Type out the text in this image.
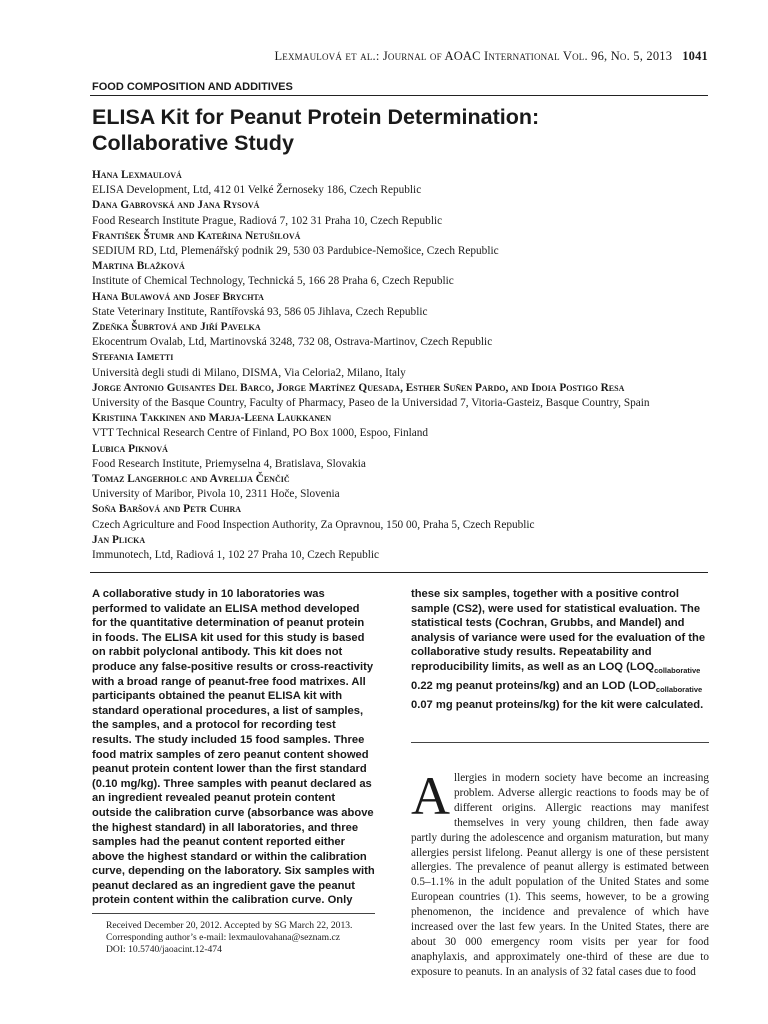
Lexmaulová et al.: Journal of AOAC International Vol. 96, No. 5, 2013 1041
FOOD COMPOSITION AND ADDITIVES
ELISA Kit for Peanut Protein Determination:
Collaborative Study
Hana Lexmaulová
ELISA Development, Ltd, 412 01 Velké Žernoseky 186, Czech Republic
Dana Gabrovská and Jana Rysová
Food Research Institute Prague, Radiová 7, 102 31 Praha 10, Czech Republic
František Štumr and Kateřina Netušilová
SEDIUM RD, Ltd, Plemenářský podnik 29, 530 03 Pardubice-Nemošice, Czech Republic
Martina Blažková
Institute of Chemical Technology, Technická 5, 166 28 Praha 6, Czech Republic
Hana Bulawová and Josef Brychta
State Veterinary Institute, Rantířovská 93, 586 05 Jihlava, Czech Republic
Zdeňka Šubrtová and Jiří Pavelka
Ekocentrum Ovalab, Ltd, Martinovská 3248, 732 08, Ostrava-Martinov, Czech Republic
Stefania Iametti
Università degli studi di Milano, DISMA, Via Celoria2, Milano, Italy
Jorge Antonio Guisantes Del Barco, Jorge Martínez Quesada, Esther Suñen Pardo, and Idoia Postigo Resa
University of the Basque Country, Faculty of Pharmacy, Paseo de la Universidad 7, Vitoria-Gasteiz, Basque Country, Spain
Kristiina Takkinen and Marja-Leena Laukkanen
VTT Technical Research Centre of Finland, PO Box 1000, Espoo, Finland
Lubica Piknová
Food Research Institute, Priemyselna 4, Bratislava, Slovakia
Tomaz Langerholc and Avrelija Čenčič
University of Maribor, Pivola 10, 2311 Hoče, Slovenia
Soňa Baršová and Petr Cuhra
Czech Agriculture and Food Inspection Authority, Za Opravnou, 150 00, Praha 5, Czech Republic
Jan Plicka
Immunotech, Ltd, Radiová 1, 102 27 Praha 10, Czech Republic
A collaborative study in 10 laboratories was performed to validate an ELISA method developed for the quantitative determination of peanut protein in foods. The ELISA kit used for this study is based on rabbit polyclonal antibody. This kit does not produce any false-positive results or cross-reactivity with a broad range of peanut-free food matrixes. All participants obtained the peanut ELISA kit with standard operational procedures, a list of samples, the samples, and a protocol for recording test results. The study included 15 food samples. Three food matrix samples of zero peanut content showed peanut protein content lower than the first standard (0.10 mg/kg). Three samples with peanut declared as an ingredient revealed peanut protein content outside the calibration curve (absorbance was above the highest standard) in all laboratories, and three samples had the peanut content reported either above the highest standard or within the calibration curve, depending on the laboratory. Six samples with peanut declared as an ingredient gave the peanut protein content within the calibration curve. Only
these six samples, together with a positive control sample (CS2), were used for statistical evaluation. The statistical tests (Cochran, Grubbs, and Mandel) and analysis of variance were used for the evaluation of the collaborative study results. Repeatability and reproducibility limits, as well as an LOQ ($LOQ_{collaborative}$ 0.22 mg peanut proteins/kg) and an LOD ($LOD_{collaborative}$ 0.07 mg peanut proteins/kg) for the kit were calculated.
Allergies in modern society have become an increasing problem. Adverse allergic reactions to foods may be of different origins. Allergic reactions may manifest themselves in very young children, then fade away partly during the adolescence and organism maturation, but many allergies persist lifelong. Peanut allergy is one of these persistent allergies. The prevalence of peanut allergy is estimated between 0.5–1.1% in the adult population of the United States and some European countries (1). This seems, however, to be a growing phenomenon, the incidence and prevalence of which have increased over the last few years. In the United States, there are about 30 000 emergency room visits per year for food anaphylaxis, and approximately one-third of these are due to exposure to peanuts. In an analysis of 32 fatal cases due to food
Received December 20, 2012. Accepted by SG March 22, 2013.
Corresponding author’s e-mail: lexmaulovahana@seznam.cz
DOI: 10.5740/jaoacint.12-474
